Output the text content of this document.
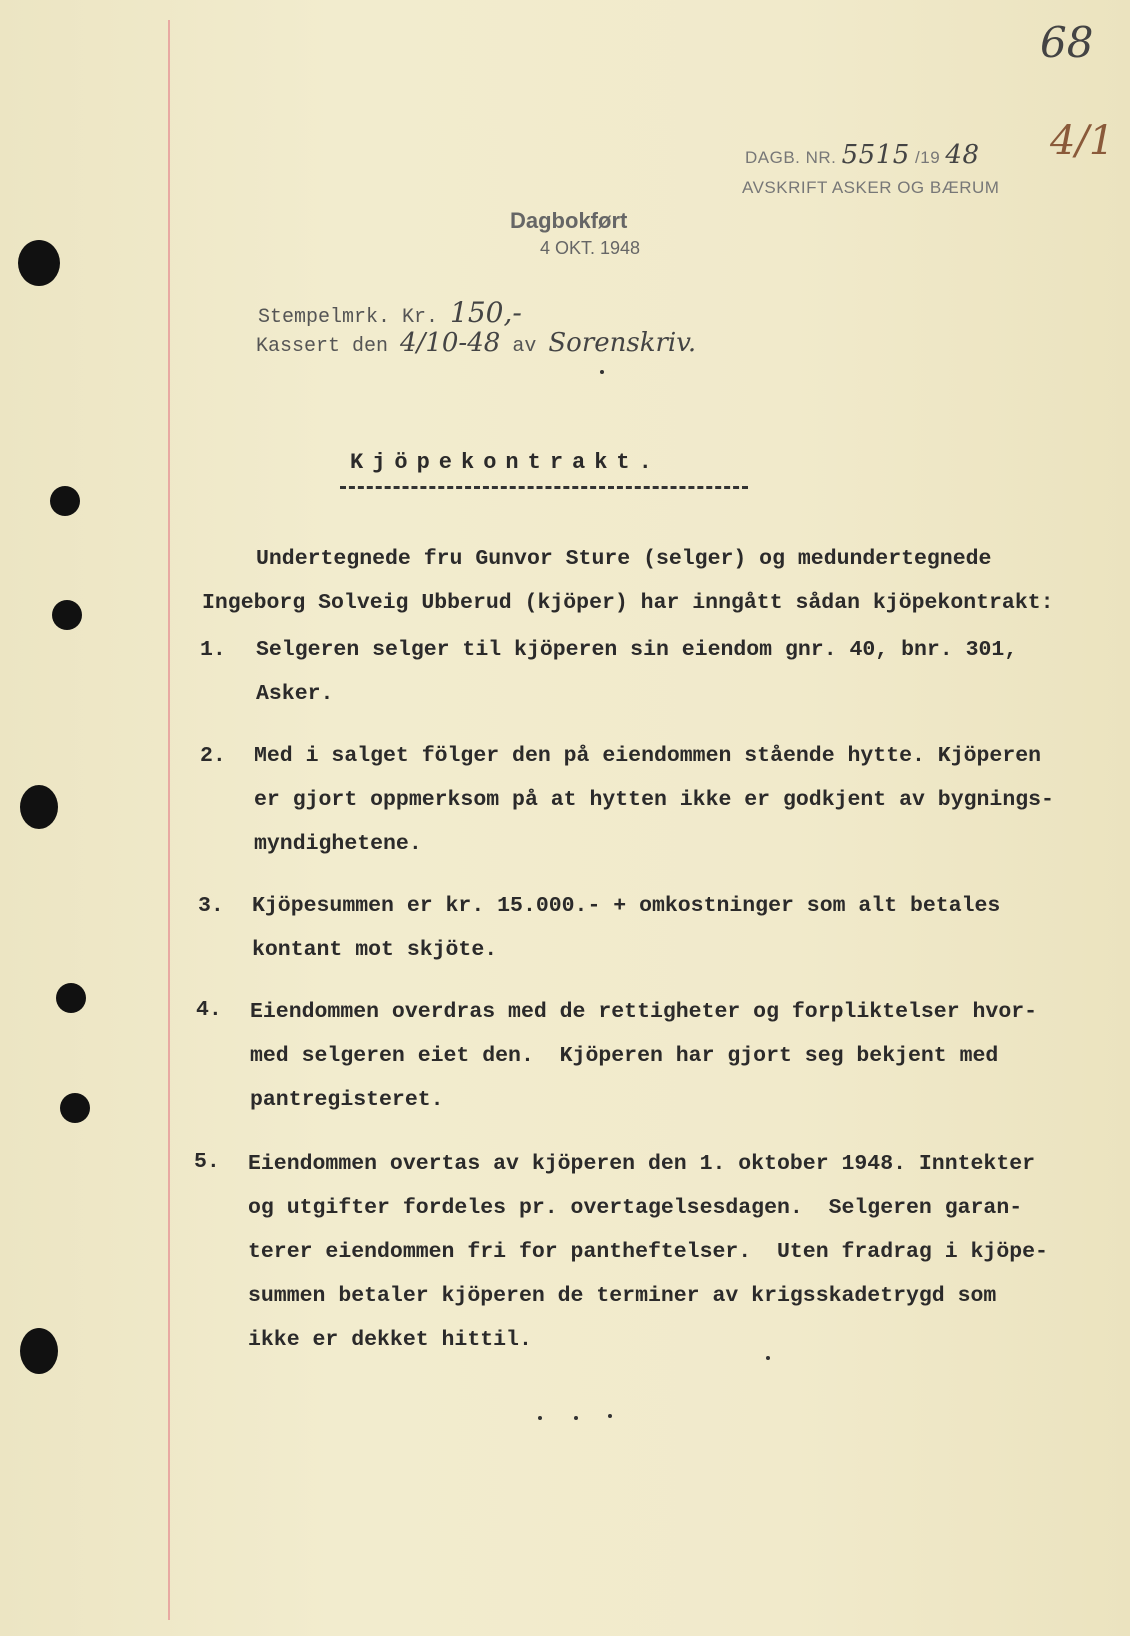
68
4/1
DAGB. NR. 5515 /19 48
AVSKRIFT ASKER OG BÆRUM
Dagbokført
4 OKT. 1948
Stempelmrk. Kr. 150,-
Kassert den 4/10-48 av Sorenskriv.
Kjöpekontrakt.
Undertegnede fru Gunvor Sture (selger) og medundertegnede
Ingeborg Solveig Ubberud (kjöper) har inngått sådan kjöpekontrakt:
1. Selgeren selger til kjöperen sin eiendom gnr. 40, bnr. 301,
Asker.
2. Med i salget fölger den på eiendommen stående hytte. Kjöperen
er gjort oppmerksom på at hytten ikke er godkjent av bygnings-
myndighetene.
3. Kjöpesummen er kr. 15.000.- + omkostninger som alt betales
kontant mot skjöte.
4. Eiendommen overdras med de rettigheter og forpliktelser hvor-
med selgeren eiet den.  Kjöperen har gjort seg bekjent med
pantregisteret.
5. Eiendommen overtas av kjöperen den 1. oktober 1948. Inntekter
og utgifter fordeles pr. overtagelsesdagen.  Selgeren garan-
terer eiendommen fri for pantheftelser.  Uten fradrag i kjöpe-
summen betaler kjöperen de terminer av krigsskadetrygd som
ikke er dekket hittil.
